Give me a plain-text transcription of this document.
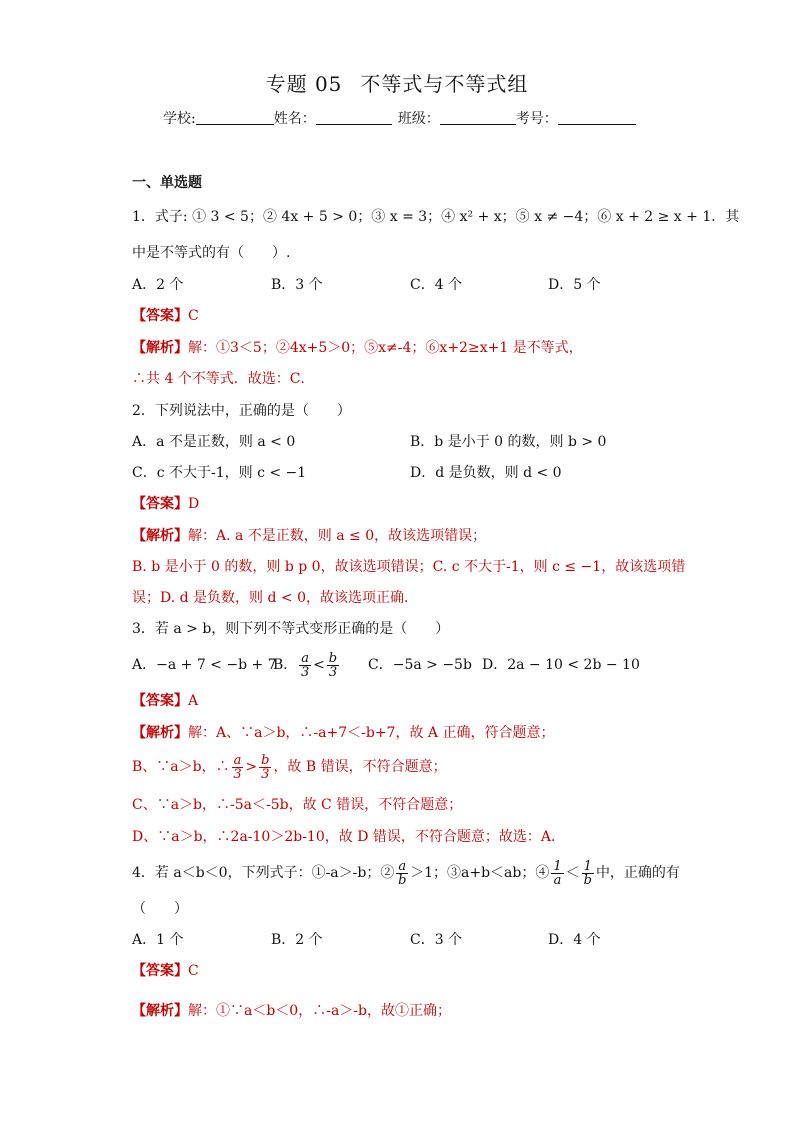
专题 05 不等式与不等式组
学校:	姓名：	班级：	考号：
一、单选题
1．式子: ① 3 < 5；② 4x + 5 > 0；③ x = 3；④ x² + x；⑤ x ≠ −4；⑥ x + 2 ≥ x + 1．其
中是不等式的有（　　）.
A．2 个	B．3 个	C．4 个	D．5 个
【答案】C
【解析】解：①3＜5；②4x+5＞0；⑤x≠-4；⑥x+2≥x+1 是不等式，
∴共 4 个不等式．故选：C．
2．下列说法中，正确的是（　　）
A．a 不是正数，则 a < 0	B．b 是小于 0 的数，则 b > 0
C．c 不大于-1，则 c < −1	D．d 是负数，则 d < 0
【答案】D
【解析】解：A. a 不是正数，则 a ≤ 0，故该选项错误；
B. b 是小于 0 的数，则 b p 0，故该选项错误；C. c 不大于-1，则 c ≤ −1，故该选项错
误；D. d 是负数，则 d < 0，故该选项正确．
3．若 a > b，则下列不等式变形正确的是（　　）
A．−a + 7 < −b + 7
B． $\frac{a}{3} < \frac{b}{3}$ C．−5a > −5b D．2a − 10 < 2b − 10
【答案】A
【解析】解：A、∵a＞b，∴-a+7＜-b+7，故 A 正确，符合题意；
B、∵a＞b，∴ $\frac{a}{3} > \frac{b}{3}$ ，故 B 错误，不符合题意；
C、∵a＞b，∴-5a＜-5b，故 C 错误，不符合题意；
D、∵a＞b，∴2a-10＞2b-10，故 D 错误，不符合题意；故选：A．
4．若 a＜b＜0，下列式子：①-a＞-b；② $\frac{a}{b} >1$；③a+b＜ab；④ $\frac{1}{a} < \frac{1}{b}$ 中，正确的有
（　　）
A．1 个	B．2 个	C．3 个	D．4 个
【答案】C
【解析】解：①∵a＜b＜0，∴-a＞-b，故①正确；
